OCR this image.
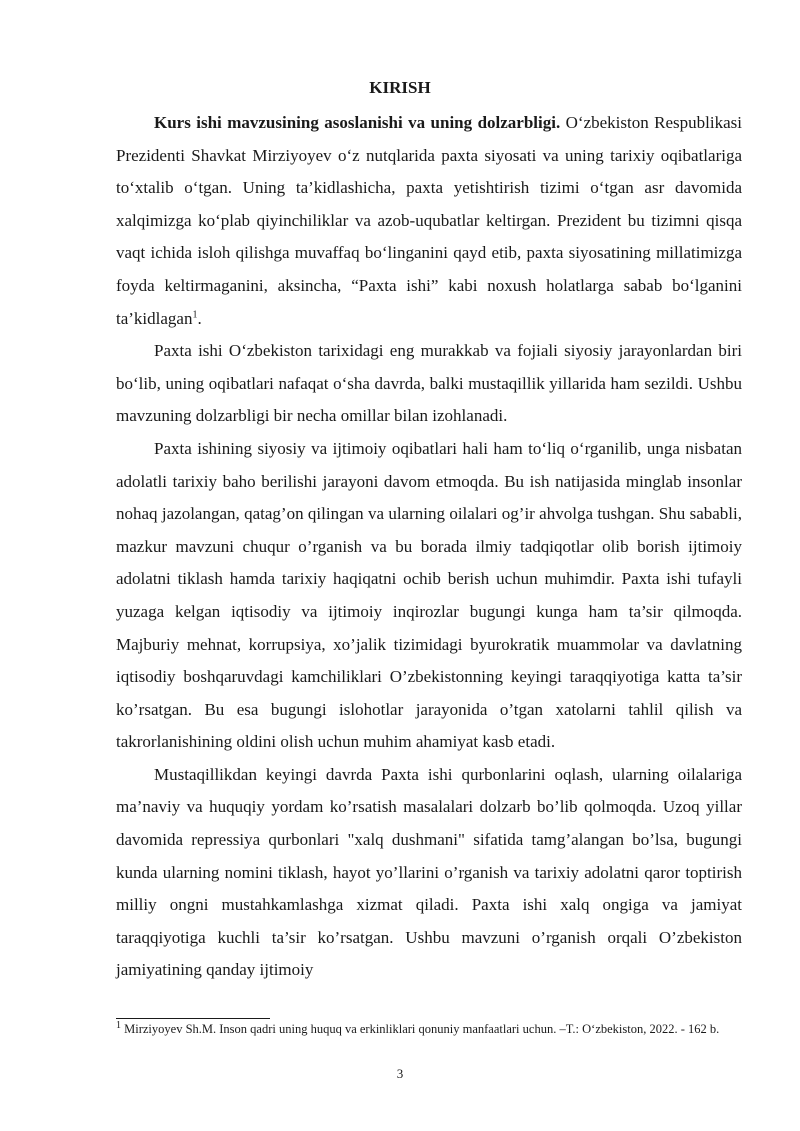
KIRISH

Kurs ishi mavzusining asoslanishi va uning dolzarbligi. O‘zbekiston Respublikasi Prezidenti Shavkat Mirziyoyev o‘z nutqlarida paxta siyosati va uning tarixiy oqibatlariga to‘xtalib o‘tgan. Uning ta’kidlashicha, paxta yetishtirish tizimi o‘tgan asr davomida xalqimizga ko‘plab qiyinchiliklar va azob-uqubatlar keltirgan. Prezident bu tizimni qisqa vaqt ichida isloh qilishga muvaffaq bo‘linganini qayd etib, paxta siyosatining millatimizga foyda keltirmaganini, aksincha, “Paxta ishi” kabi noxush holatlarga sabab bo‘lganini ta’kidlagan$^1$.

Paxta ishi O‘zbekiston tarixidagi eng murakkab va fojiali siyosiy jarayonlardan biri bo‘lib, uning oqibatlari nafaqat o‘sha davrda, balki mustaqillik yillarida ham sezildi. Ushbu mavzuning dolzarbligi bir necha omillar bilan izohlanadi.

Paxta ishining siyosiy va ijtimoiy oqibatlari hali ham to‘liq o‘rganilib, unga nisbatan adolatli tarixiy baho berilishi jarayoni davom etmoqda. Bu ish natijasida minglab insonlar nohaq jazolangan, qatag’on qilingan va ularning oilalari og’ir ahvolga tushgan. Shu sababli, mazkur mavzuni chuqur o’rganish va bu borada ilmiy tadqiqotlar olib borish ijtimoiy adolatni tiklash hamda tarixiy haqiqatni ochib berish uchun muhimdir. Paxta ishi tufayli yuzaga kelgan iqtisodiy va ijtimoiy inqirozlar bugungi kunga ham ta’sir qilmoqda. Majburiy mehnat, korrupsiya, xo’jalik tizimidagi byurokratik muammolar va davlatning iqtisodiy boshqaruvdagi kamchiliklari O’zbekistonning keyingi taraqqiyotiga katta ta’sir ko’rsatgan. Bu esa bugungi islohotlar jarayonida o’tgan xatolarni tahlil qilish va takrorlanishining oldini olish uchun muhim ahamiyat kasb etadi.

Mustaqillikdan keyingi davrda Paxta ishi qurbonlarini oqlash, ularning oilalariga ma’naviy va huquqiy yordam ko’rsatish masalalari dolzarb bo’lib qolmoqda. Uzoq yillar davomida repressiya qurbonlari "xalq dushmani" sifatida tamg’alangan bo’lsa, bugungi kunda ularning nomini tiklash, hayot yo’llarini o’rganish va tarixiy adolatni qaror toptirish milliy ongni mustahkamlashga xizmat qiladi. Paxta ishi xalq ongiga va jamiyat taraqqiyotiga kuchli ta’sir ko’rsatgan. Ushbu mavzuni o’rganish orqali O’zbekiston jamiyatining qanday ijtimoiy

$^1$ Mirziyoyev Sh.M. Inson qadri uning huquq va erkinliklari qonuniy manfaatlari uchun. –T.: O‘zbekiston, 2022. - 162 b.
3
